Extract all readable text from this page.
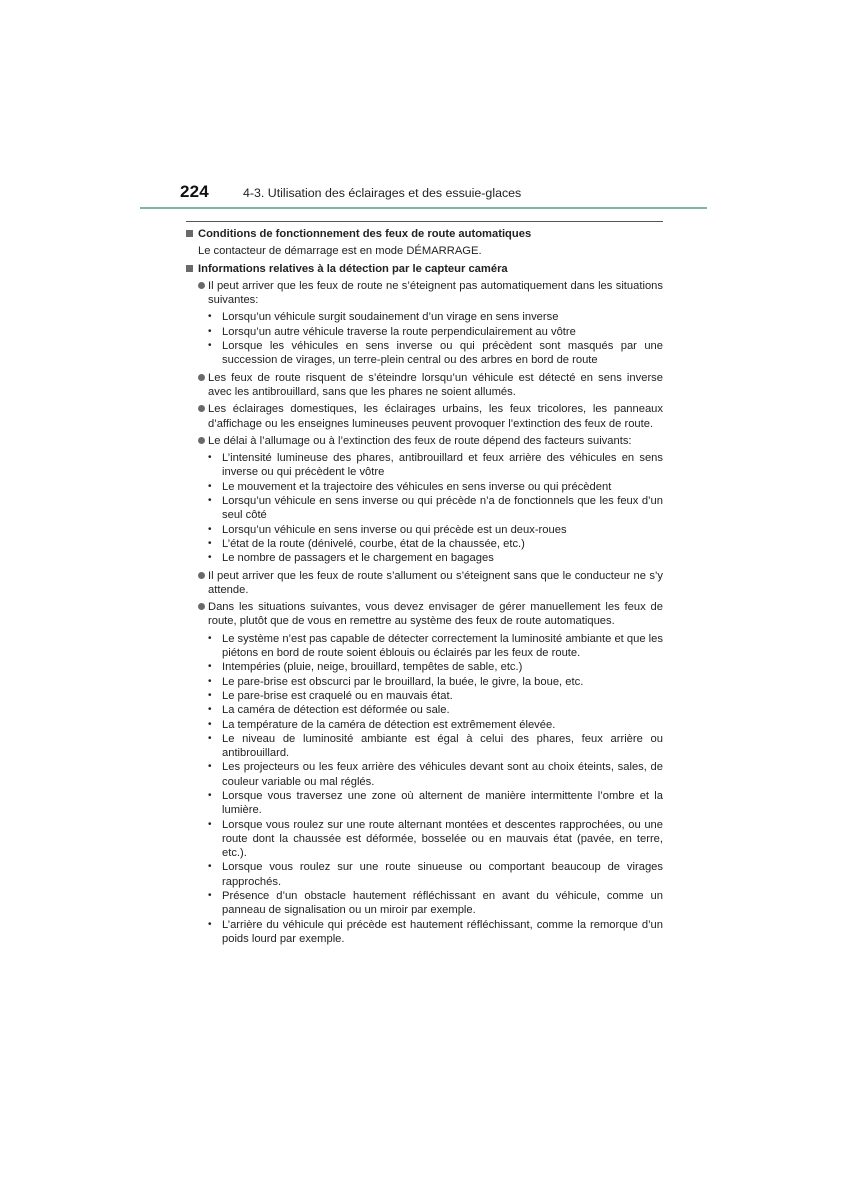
224	4-3. Utilisation des éclairages et des essuie-glaces
Conditions de fonctionnement des feux de route automatiques
Le contacteur de démarrage est en mode DÉMARRAGE.
Informations relatives à la détection par le capteur caméra
Il peut arriver que les feux de route ne s’éteignent pas automatiquement dans les situations suivantes:
• Lorsqu’un véhicule surgit soudainement d’un virage en sens inverse
• Lorsqu’un autre véhicule traverse la route perpendiculairement au vôtre
• Lorsque les véhicules en sens inverse ou qui précèdent sont masqués par une succession de virages, un terre-plein central ou des arbres en bord de route
Les feux de route risquent de s’éteindre lorsqu’un véhicule est détecté en sens inverse avec les antibrouillard, sans que les phares ne soient allumés.
Les éclairages domestiques, les éclairages urbains, les feux tricolores, les panneaux d’affichage ou les enseignes lumineuses peuvent provoquer l’extinction des feux de route.
Le délai à l’allumage ou à l’extinction des feux de route dépend des facteurs suivants:
• L’intensité lumineuse des phares, antibrouillard et feux arrière des véhicules en sens inverse ou qui précèdent le vôtre
• Le mouvement et la trajectoire des véhicules en sens inverse ou qui précèdent
• Lorsqu’un véhicule en sens inverse ou qui précède n’a de fonctionnels que les feux d’un seul côté
• Lorsqu’un véhicule en sens inverse ou qui précède est un deux-roues
• L’état de la route (dénivelé, courbe, état de la chaussée, etc.)
• Le nombre de passagers et le chargement en bagages
Il peut arriver que les feux de route s’allument ou s’éteignent sans que le conducteur ne s’y attende.
Dans les situations suivantes, vous devez envisager de gérer manuellement les feux de route, plutôt que de vous en remettre au système des feux de route automatiques.
• Le système n’est pas capable de détecter correctement la luminosité ambiante et que les piétons en bord de route soient éblouis ou éclairés par les feux de route.
• Intempéries (pluie, neige, brouillard, tempêtes de sable, etc.)
• Le pare-brise est obscurci par le brouillard, la buée, le givre, la boue, etc.
• Le pare-brise est craquelé ou en mauvais état.
• La caméra de détection est déformée ou sale.
• La température de la caméra de détection est extrêmement élevée.
• Le niveau de luminosité ambiante est égal à celui des phares, feux arrière ou antibrouillard.
• Les projecteurs ou les feux arrière des véhicules devant sont au choix éteints, sales, de couleur variable ou mal réglés.
• Lorsque vous traversez une zone où alternent de manière intermittente l’ombre et la lumière.
• Lorsque vous roulez sur une route alternant montées et descentes rapprochées, ou une route dont la chaussée est déformée, bosselée ou en mauvais état (pavée, en terre, etc.).
• Lorsque vous roulez sur une route sinueuse ou comportant beaucoup de virages rapprochés.
• Présence d’un obstacle hautement réfléchissant en avant du véhicule, comme un panneau de signalisation ou un miroir par exemple.
• L’arrière du véhicule qui précède est hautement réfléchissant, comme la remorque d’un poids lourd par exemple.
